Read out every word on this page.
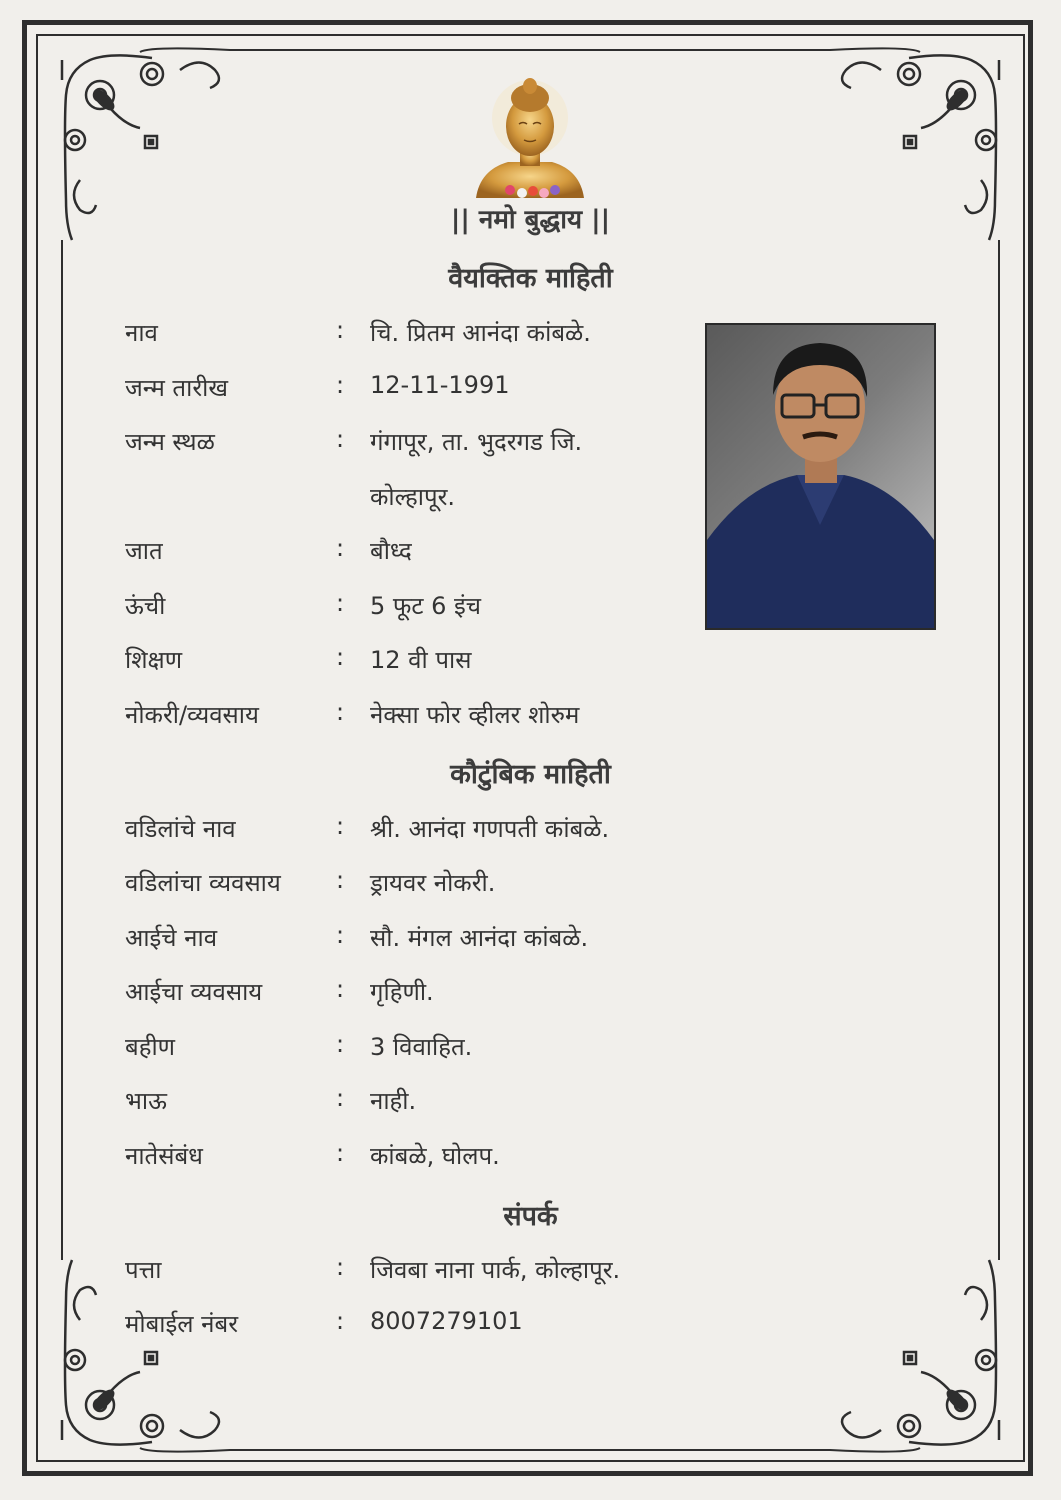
|| नमो बुद्धाय ||
वैयक्तिक माहिती
नाव	: चि. प्रितम आनंदा कांबळे.
जन्म तारीख	: 12-11-1991
जन्म स्थळ	: गंगापूर, ता. भुदरगड जि.
कोल्हापूर.
जात	: बौध्द
ऊंची	: 5 फूट 6 इंच
शिक्षण	: 12 वी पास
नोकरी/व्यवसाय	: नेक्सा फोर व्हीलर शोरुम
कौटुंबिक माहिती
वडिलांचे नाव	: श्री. आनंदा गणपती कांबळे.
वडिलांचा व्यवसाय : ड्रायवर नोकरी.
आईचे नाव	: सौ. मंगल आनंदा कांबळे.
आईचा व्यवसाय	: गृहिणी.
बहीण	: 3 विवाहित.
भाऊ	: नाही.
नातेसंबंध	: कांबळे, घोलप.
संपर्क
पत्ता	: जिवबा नाना पार्क, कोल्हापूर.
मोबाईल नंबर	: 8007279101
